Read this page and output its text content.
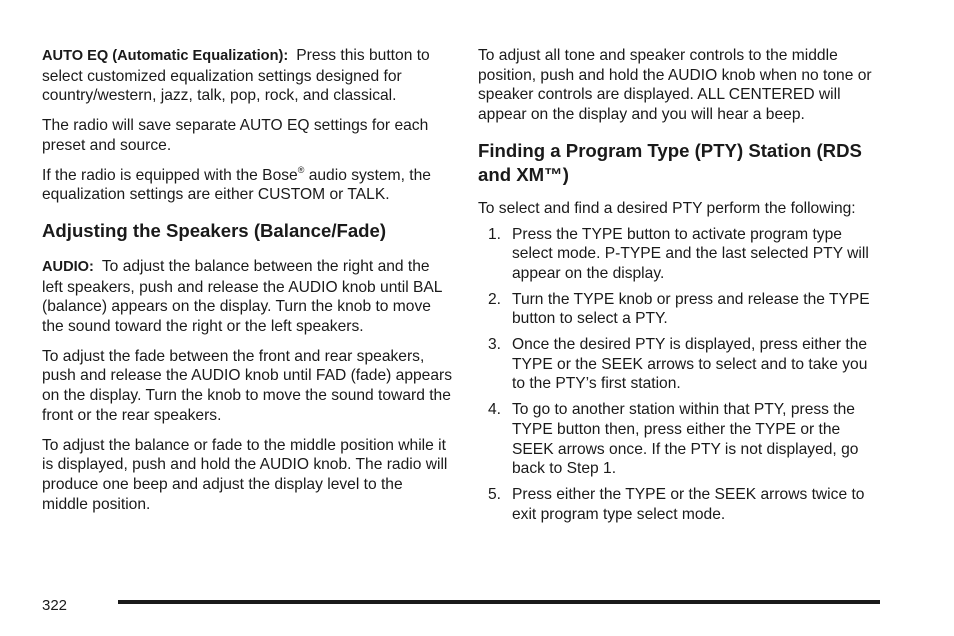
AUTO EQ (Automatic Equalization): Press this button to select customized equalization settings designed for country/western, jazz, talk, pop, rock, and classical.

The radio will save separate AUTO EQ settings for each preset and source.

If the radio is equipped with the Bose® audio system, the equalization settings are either CUSTOM or TALK.

Adjusting the Speakers (Balance/Fade)

AUDIO: To adjust the balance between the right and the left speakers, push and release the AUDIO knob until BAL (balance) appears on the display. Turn the knob to move the sound toward the right or the left speakers.

To adjust the fade between the front and rear speakers, push and release the AUDIO knob until FAD (fade) appears on the display. Turn the knob to move the sound toward the front or the rear speakers.

To adjust the balance or fade to the middle position while it is displayed, push and hold the AUDIO knob. The radio will produce one beep and adjust the display level to the middle position.

To adjust all tone and speaker controls to the middle position, push and hold the AUDIO knob when no tone or speaker controls are displayed. ALL CENTERED will appear on the display and you will hear a beep.

Finding a Program Type (PTY) Station (RDS and XM™)

To select and find a desired PTY perform the following:

1. Press the TYPE button to activate program type select mode. P-TYPE and the last selected PTY will appear on the display.
2. Turn the TYPE knob or press and release the TYPE button to select a PTY.
3. Once the desired PTY is displayed, press either the TYPE or the SEEK arrows to select and to take you to the PTY’s first station.
4. To go to another station within that PTY, press the TYPE button then, press either the TYPE or the SEEK arrows once. If the PTY is not displayed, go back to Step 1.
5. Press either the TYPE or the SEEK arrows twice to exit program type select mode.
322
